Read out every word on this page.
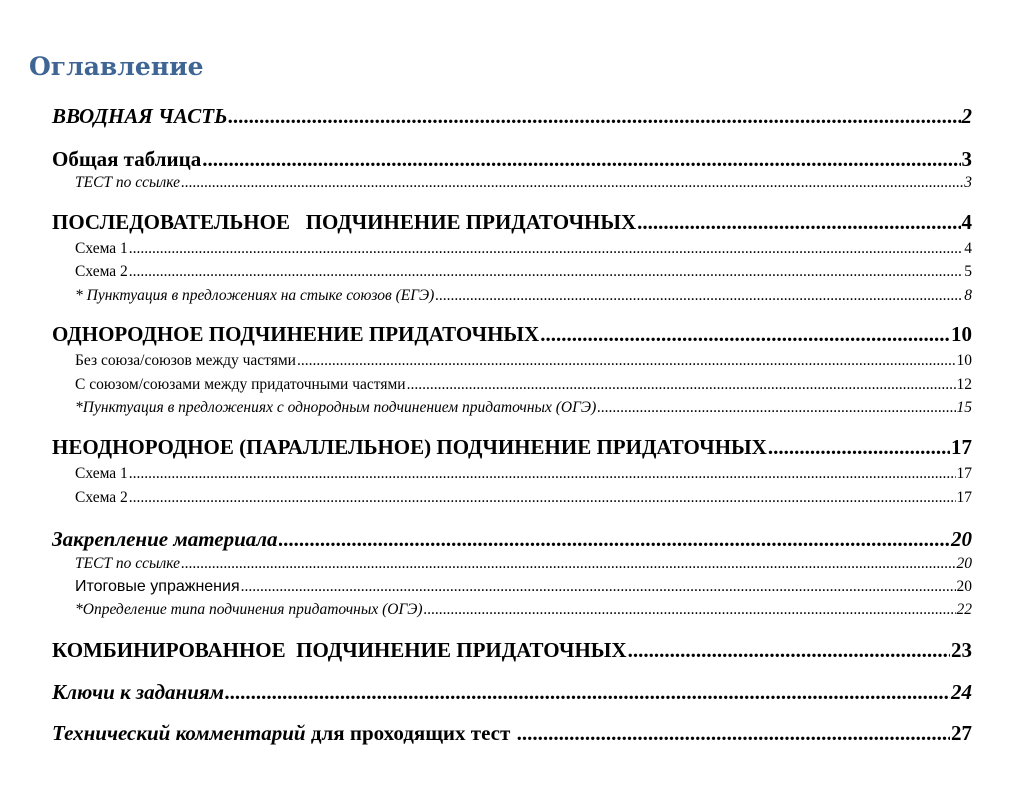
Оглавление
ВВОДНАЯ ЧАСТЬ .....	2
Общая таблица .....	3
ТЕСТ по ссылке .....	3
ПОСЛЕДОВАТЕЛЬНОЕ   ПОДЧИНЕНИЕ ПРИДАТОЧНЫХ .....	4
Схема 1 .....	4
Схема 2 .....	5
* Пунктуация в предложениях на стыке союзов (ЕГЭ) .....	8
ОДНОРОДНОЕ ПОДЧИНЕНИЕ ПРИДАТОЧНЫХ .....	10
Без союза/союзов между частями .....	10
С союзом/союзами между придаточными частями .....	12
*Пунктуация в предложениях с однородным подчинением придаточных (ОГЭ) .....	15
НЕОДНОРОДНОЕ (ПАРАЛЛЕЛЬНОЕ) ПОДЧИНЕНИЕ ПРИДАТОЧНЫХ .....	17
Схема 1 .....	17
Схема 2 .....	17
Закрепление материала .....	20
ТЕСТ по ссылке .....	20
Итоговые упражнения .....	20
*Определение типа подчинения придаточных (ОГЭ) .....	22
КОМБИНИРОВАННОЕ  ПОДЧИНЕНИЕ ПРИДАТОЧНЫХ .....	23
Ключи к заданиям .....	24
Технический комментарий для проходящих тест .....	27
